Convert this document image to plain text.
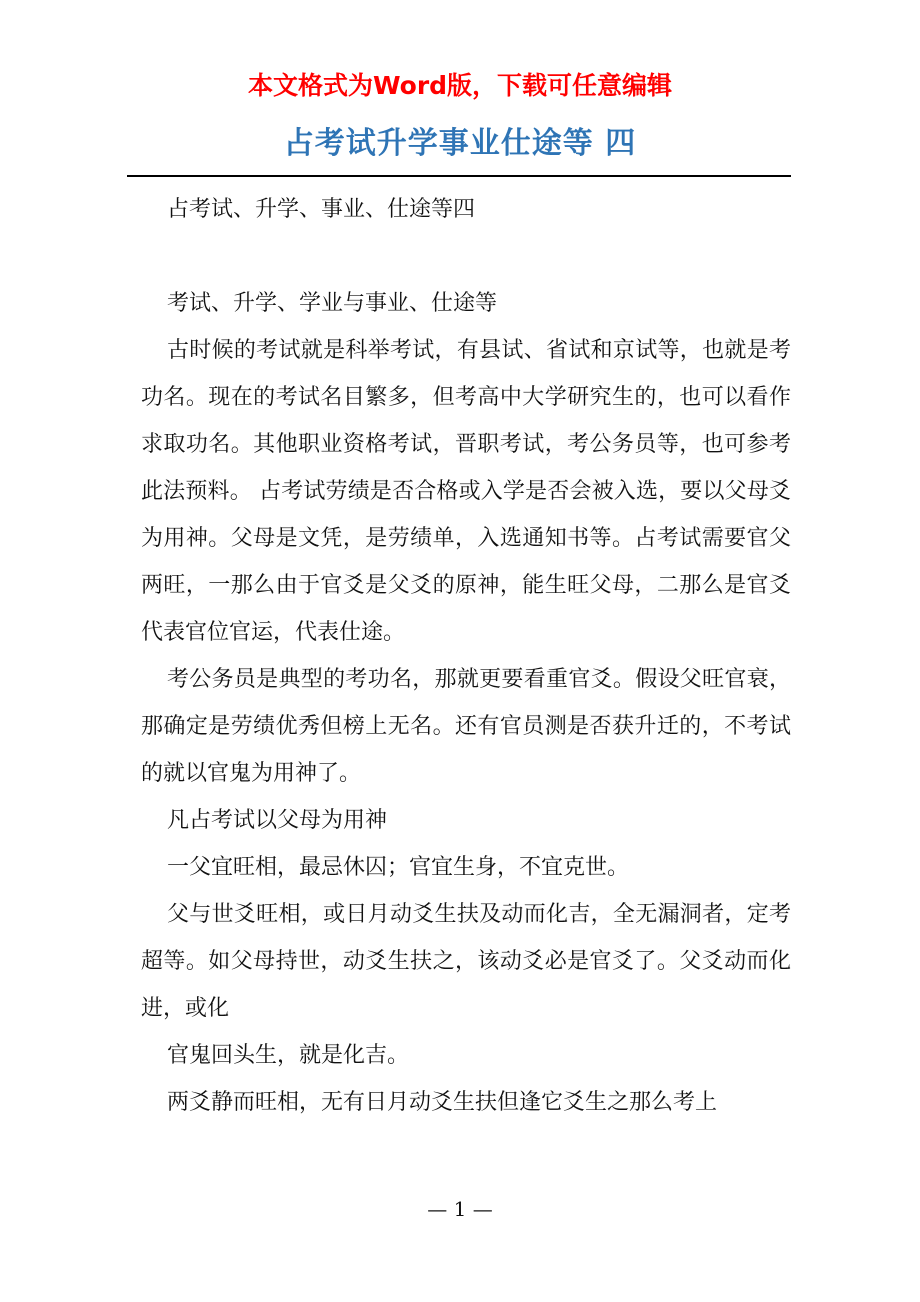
本文格式为Word版，下载可任意编辑
占考试升学事业仕途等 四

占考试、升学、事业、仕途等四

考试、升学、学业与事业、仕途等

古时候的考试就是科举考试，有县试、省试和京试等，也就是考功名。现在的考试名目繁多，但考高中大学研究生的，也可以看作求取功名。其他职业资格考试，晋职考试，考公务员等，也可参考此法预料。 占考试劳绩是否合格或入学是否会被入选，要以父母爻为用神。父母是文凭，是劳绩单，入选通知书等。占考试需要官父两旺，一那么由于官爻是父爻的原神，能生旺父母，二那么是官爻代表官位官运，代表仕途。

考公务员是典型的考功名，那就更要看重官爻。假设父旺官衰，那确定是劳绩优秀但榜上无名。还有官员测是否获升迁的，不考试的就以官鬼为用神了。

凡占考试以父母为用神

一父宜旺相，最忌休囚；官宜生身，不宜克世。

父与世爻旺相，或日月动爻生扶及动而化吉，全无漏洞者，定考超等。如父母持世，动爻生扶之，该动爻必是官爻了。父爻动而化进，或化

官鬼回头生，就是化吉。

两爻静而旺相，无有日月动爻生扶但逢它爻生之那么考上

— 1 —
